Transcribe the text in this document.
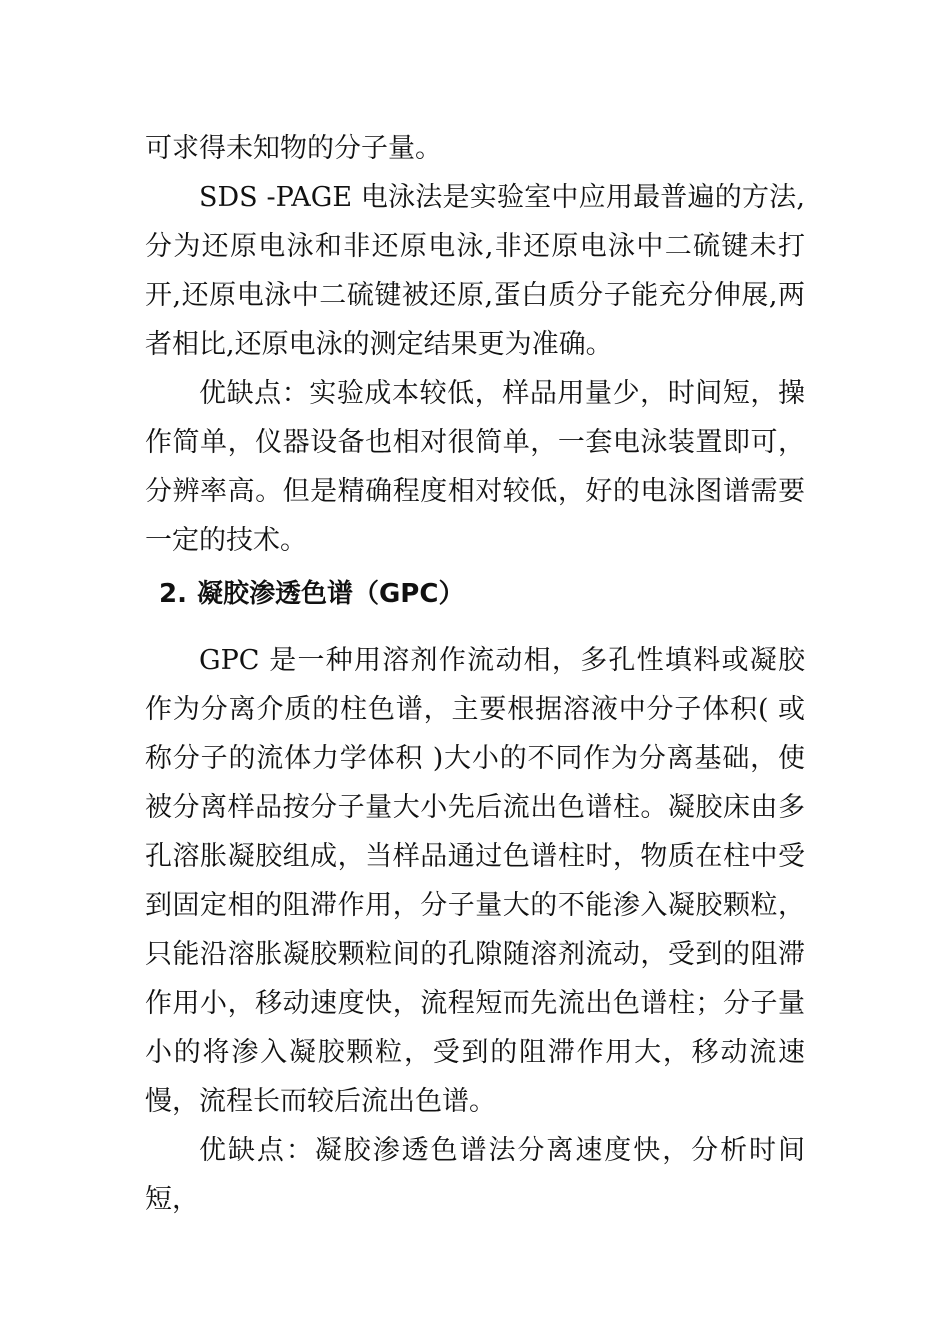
可求得未知物的分子量。

SDS -PAGE 电泳法是实验室中应用最普遍的方法,分为还原电泳和非还原电泳,非还原电泳中二硫键未打开,还原电泳中二硫键被还原,蛋白质分子能充分伸展,两者相比,还原电泳的测定结果更为准确。

优缺点：实验成本较低，样品用量少，时间短，操作简单，仪器设备也相对很简单，一套电泳装置即可，分辨率高。但是精确程度相对较低，好的电泳图谱需要一定的技术。

2. 凝胶渗透色谱（GPC）

GPC 是一种用溶剂作流动相，多孔性填料或凝胶作为分离介质的柱色谱，主要根据溶液中分子体积( 或称分子的流体力学体积 )大小的不同作为分离基础，使被分离样品按分子量大小先后流出色谱柱。凝胶床由多孔溶胀凝胶组成，当样品通过色谱柱时，物质在柱中受到固定相的阻滞作用，分子量大的不能渗入凝胶颗粒，只能沿溶胀凝胶颗粒间的孔隙随溶剂流动，受到的阻滞作用小，移动速度快，流程短而先流出色谱柱；分子量小的将渗入凝胶颗粒，受到的阻滞作用大，移动流速慢，流程长而较后流出色谱。

优缺点：凝胶渗透色谱法分离速度快，分析时间短，
